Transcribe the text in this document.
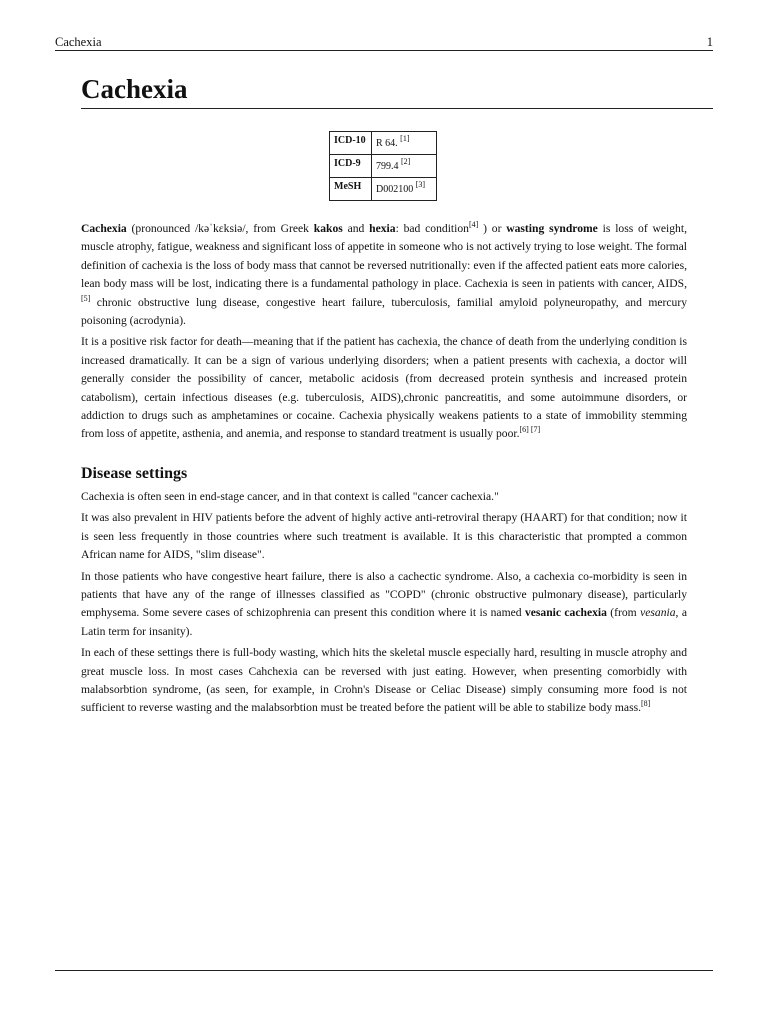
Cachexia	1
Cachexia
ICD-10	R 64. [1]
ICD-9	799.4 [2]
MeSH	D002100 [3]

Cachexia (pronounced /kəˈkɛksiə/, from Greek kakos and hexia: bad condition[4] ) or wasting syndrome is loss of weight, muscle atrophy, fatigue, weakness and significant loss of appetite in someone who is not actively trying to lose weight. The formal definition of cachexia is the loss of body mass that cannot be reversed nutritionally: even if the affected patient eats more calories, lean body mass will be lost, indicating there is a fundamental pathology in place. Cachexia is seen in patients with cancer, AIDS,[5] chronic obstructive lung disease, congestive heart failure, tuberculosis, familial amyloid polyneuropathy, and mercury poisoning (acrodynia).

It is a positive risk factor for death—meaning that if the patient has cachexia, the chance of death from the underlying condition is increased dramatically. It can be a sign of various underlying disorders; when a patient presents with cachexia, a doctor will generally consider the possibility of cancer, metabolic acidosis (from decreased protein synthesis and increased protein catabolism), certain infectious diseases (e.g. tuberculosis, AIDS),chronic pancreatitis, and some autoimmune disorders, or addiction to drugs such as amphetamines or cocaine. Cachexia physically weakens patients to a state of immobility stemming from loss of appetite, asthenia, and anemia, and response to standard treatment is usually poor.[6] [7]

Disease settings

Cachexia is often seen in end-stage cancer, and in that context is called "cancer cachexia."

It was also prevalent in HIV patients before the advent of highly active anti-retroviral therapy (HAART) for that condition; now it is seen less frequently in those countries where such treatment is available. It is this characteristic that prompted a common African name for AIDS, "slim disease".

In those patients who have congestive heart failure, there is also a cachectic syndrome. Also, a cachexia co-morbidity is seen in patients that have any of the range of illnesses classified as "COPD" (chronic obstructive pulmonary disease), particularly emphysema. Some severe cases of schizophrenia can present this condition where it is named vesanic cachexia (from vesania, a Latin term for insanity).

In each of these settings there is full-body wasting, which hits the skeletal muscle especially hard, resulting in muscle atrophy and great muscle loss. In most cases Cahchexia can be reversed with just eating. However, when presenting comorbidly with malabsorbtion syndrome, (as seen, for example, in Crohn's Disease or Celiac Disease) simply consuming more food is not sufficient to reverse wasting and the malabsorbtion must be treated before the patient will be able to stabilize body mass.[8]
